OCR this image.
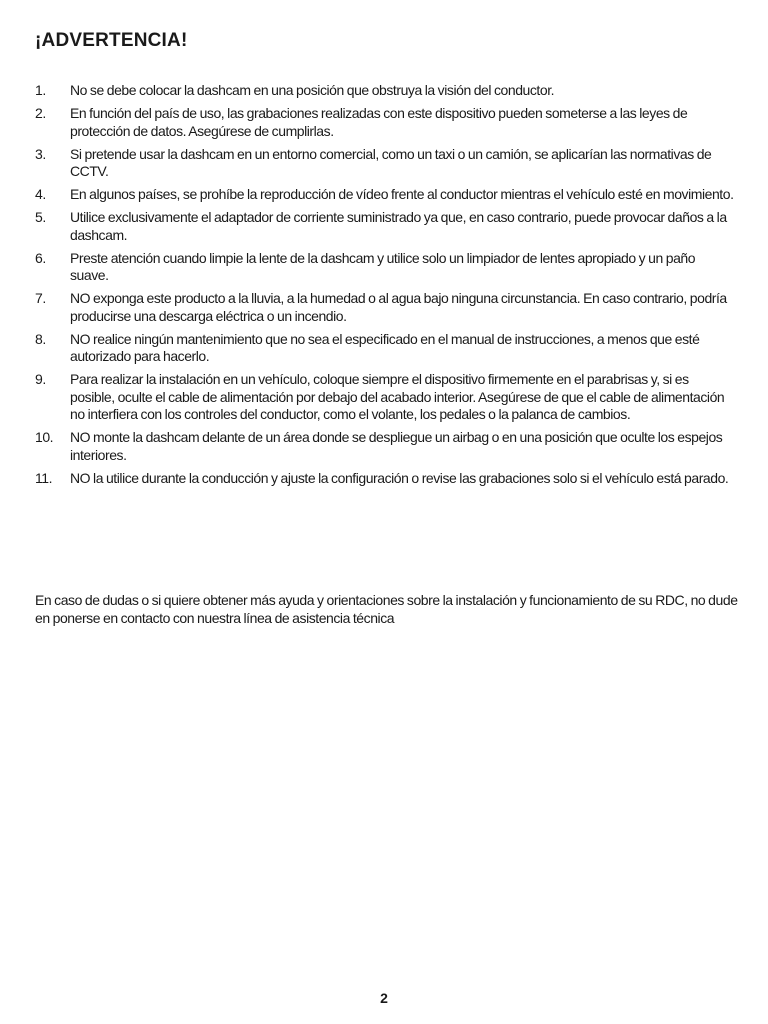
¡ADVERTENCIA!
1. No se debe colocar la dashcam en una posición que obstruya la visión del conductor.
2. En función del país de uso, las grabaciones realizadas con este dispositivo pueden someterse a las leyes de protección de datos. Asegúrese de cumplirlas.
3. Si pretende usar la dashcam en un entorno comercial, como un taxi o un camión, se aplicarían las normativas de CCTV.
4. En algunos países, se prohíbe la reproducción de vídeo frente al conductor mientras el vehículo esté en movimiento.
5. Utilice exclusivamente el adaptador de corriente suministrado ya que, en caso contrario, puede provocar daños a la dashcam.
6. Preste atención cuando limpie la lente de la dashcam y utilice solo un limpiador de lentes apropiado y un paño suave.
7. NO exponga este producto a la lluvia, a la humedad o al agua bajo ninguna circunstancia. En caso contrario, podría producirse una descarga eléctrica o un incendio.
8. NO realice ningún mantenimiento que no sea el especificado en el manual de instrucciones, a menos que esté autorizado para hacerlo.
9. Para realizar la instalación en un vehículo, coloque siempre el dispositivo firmemente en el parabrisas y, si es posible, oculte el cable de alimentación por debajo del acabado interior. Asegúrese de que el cable de alimentación no interfiera con los controles del conductor, como el volante, los pedales o la palanca de cambios.
10. NO monte la dashcam delante de un área donde se despliegue un airbag o en una posición que oculte los espejos interiores.
11. NO la utilice durante la conducción y ajuste la configuración o revise las grabaciones solo si el vehículo está parado.

En caso de dudas o si quiere obtener más ayuda y orientaciones sobre la instalación y funcionamiento de su RDC, no dude en ponerse en contacto con nuestra línea de asistencia técnica

2
